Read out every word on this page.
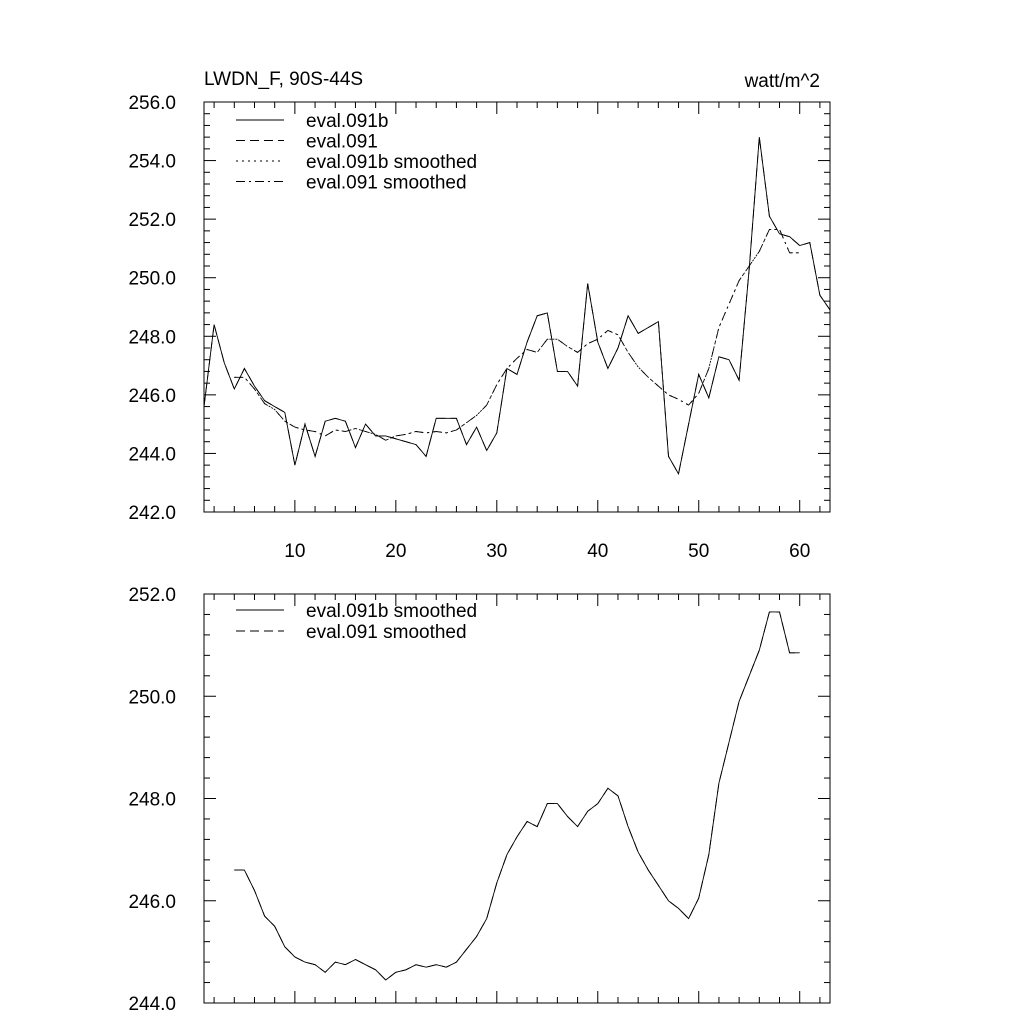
LWDN_F, 90S-44S	watt/m^2
10	20	30	40	50	60
242.0
244.0
246.0
248.0
250.0
252.0
254.0
256.0
eval.091b
eval.091
eval.091b smoothed
eval.091 smoothed
244.0
246.0
248.0
250.0
252.0
eval.091b smoothed
eval.091 smoothed
